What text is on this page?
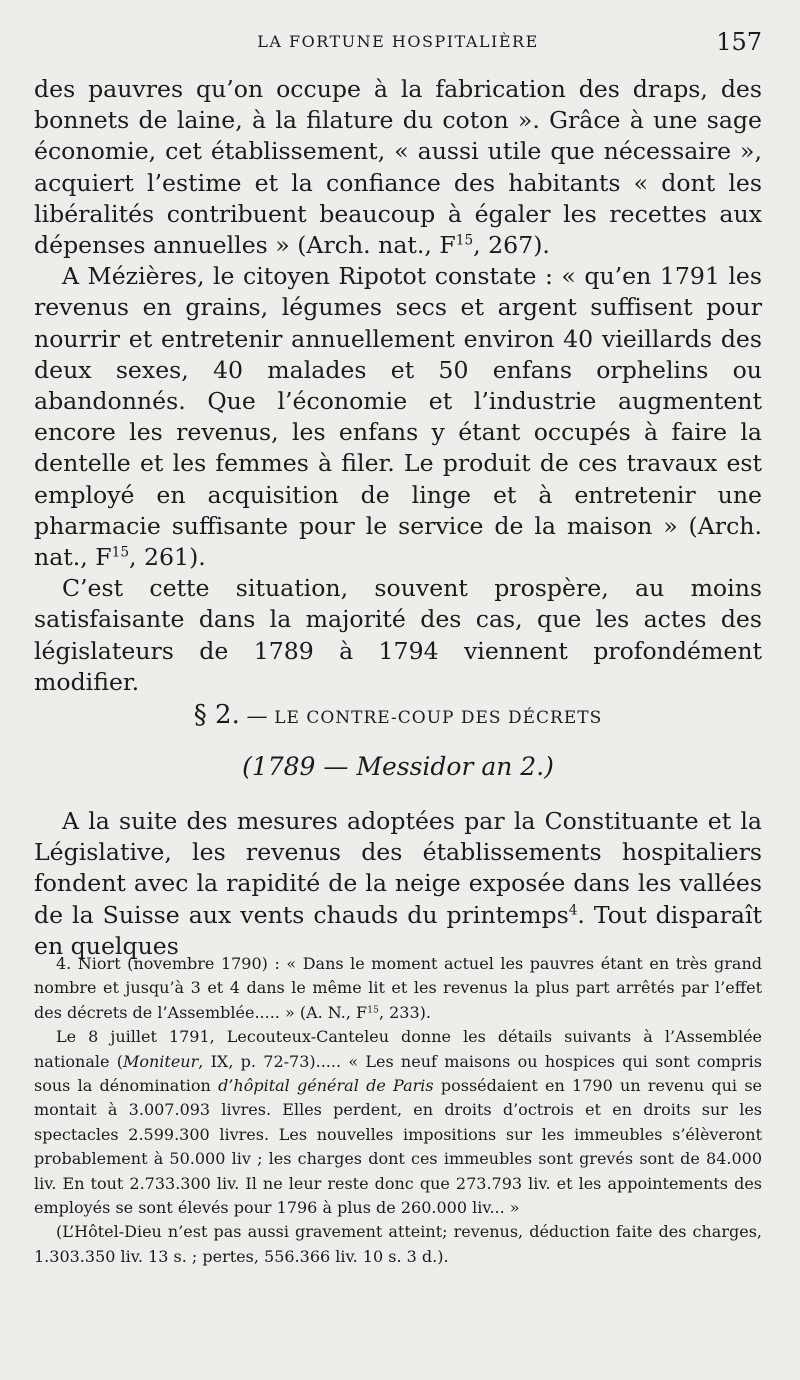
LA FORTUNE HOSPITALIÈRE	157

des pauvres qu’on occupe à la fabrication des draps, des bonnets de laine, à la filature du coton ». Grâce à une sage économie, cet établissement, « aussi utile que nécessaire », acquiert l’estime et la confiance des habitants « dont les libéralités contribuent beaucoup à égaler les recettes aux dépenses annuelles » (Arch. nat., $F^{15}$, 267).

A Mézières, le citoyen Ripotot constate : « qu’en 1791 les revenus en grains, légumes secs et argent suffisent pour nourrir et entretenir annuellement environ 40 vieillards des deux sexes, 40 malades et 50 enfans orphelins ou abandonnés. Que l’économie et l’industrie augmentent encore les revenus, les enfans y étant occupés à faire la dentelle et les femmes à filer. Le produit de ces travaux est employé en acquisition de linge et à entretenir une pharmacie suffisante pour le service de la maison » (Arch. nat., $F^{15}$, 261).

C’est cette situation, souvent prospère, au moins satisfaisante dans la majorité des cas, que les actes des législateurs de 1789 à 1794 viennent profondément modifier.

§ 2. — LE CONTRE-COUP DES DÉCRETS
(1789 — Messidor an 2.)

A la suite des mesures adoptées par la Constituante et la Législative, les revenus des établissements hospitaliers fondent avec la rapidité de la neige exposée dans les vallées de la Suisse aux vents chauds du printemps$^4$. Tout disparaît en quelques

4. Niort (novembre 1790) : « Dans le moment actuel les pauvres étant en très grand nombre et jusqu’à 3 et 4 dans le même lit et les revenus la plus part arrêtés par l’effet des décrets de l’Assemblée..... » (A. N., $F^{15}$, 233).

Le 8 juillet 1791, Lecouteux-Canteleu donne les détails suivants à l’Assemblée nationale (Moniteur, IX, p. 72-73)..... « Les neuf maisons ou hospices qui sont compris sous la dénomination d’hôpital général de Paris possédaient en 1790 un revenu qui se montait à 3.007.093 livres. Elles perdent, en droits d’octrois et en droits sur les spectacles 2.599.300 livres. Les nouvelles impositions sur les immeubles s’élèveront probablement à 50.000 liv ; les charges dont ces immeubles sont grevés sont de 84.000 liv. En tout 2.733.300 liv. Il ne leur reste donc que 273.793 liv. et les appointements des employés se sont élevés pour 1796 à plus de 260.000 liv... »

(L’Hôtel-Dieu n’est pas aussi gravement atteint; revenus, déduction faite des charges, 1.303.350 liv. 13 s. ; pertes, 556.366 liv. 10 s. 3 d.).
